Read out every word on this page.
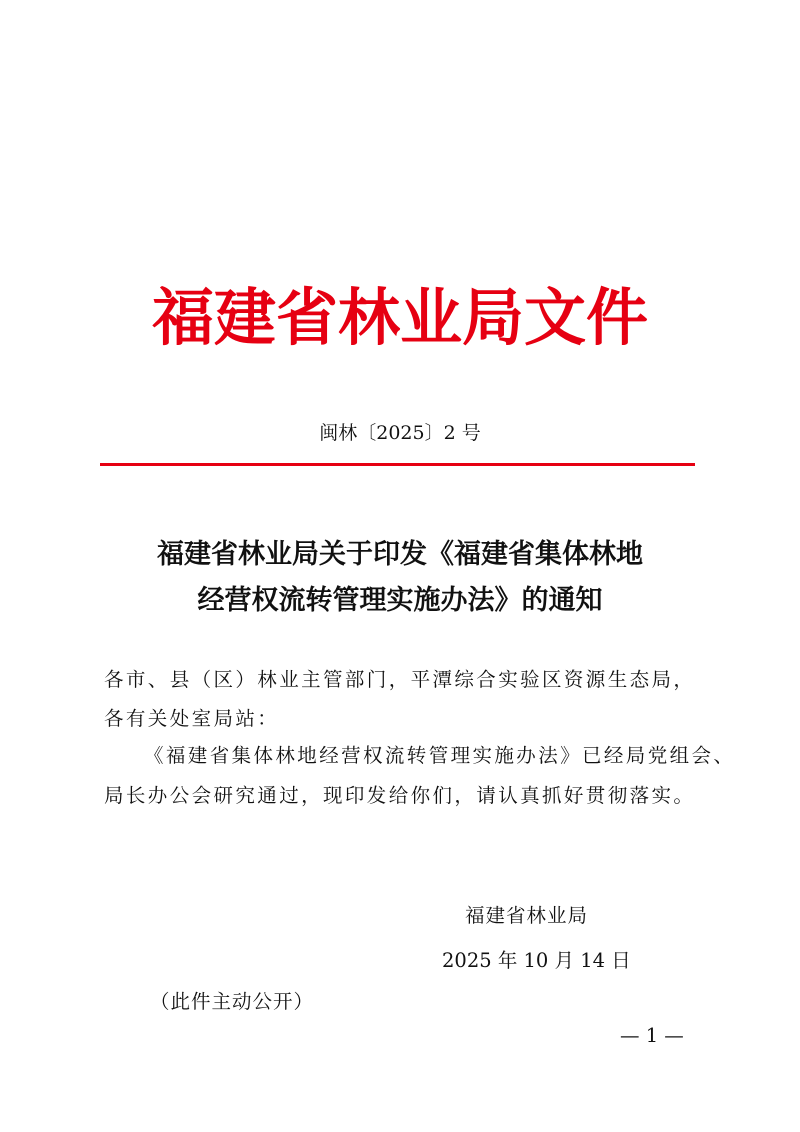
福建省林业局文件
闽林〔2025〕2 号
福建省林业局关于印发《福建省集体林地
经营权流转管理实施办法》的通知
各市、县（区）林业主管部门，平潭综合实验区资源生态局，
各有关处室局站：
《福建省集体林地经营权流转管理实施办法》已经局党组会、
局长办公会研究通过，现印发给你们，请认真抓好贯彻落实。
福建省林业局
2025 年 10 月 14 日
（此件主动公开）
— 1 —
